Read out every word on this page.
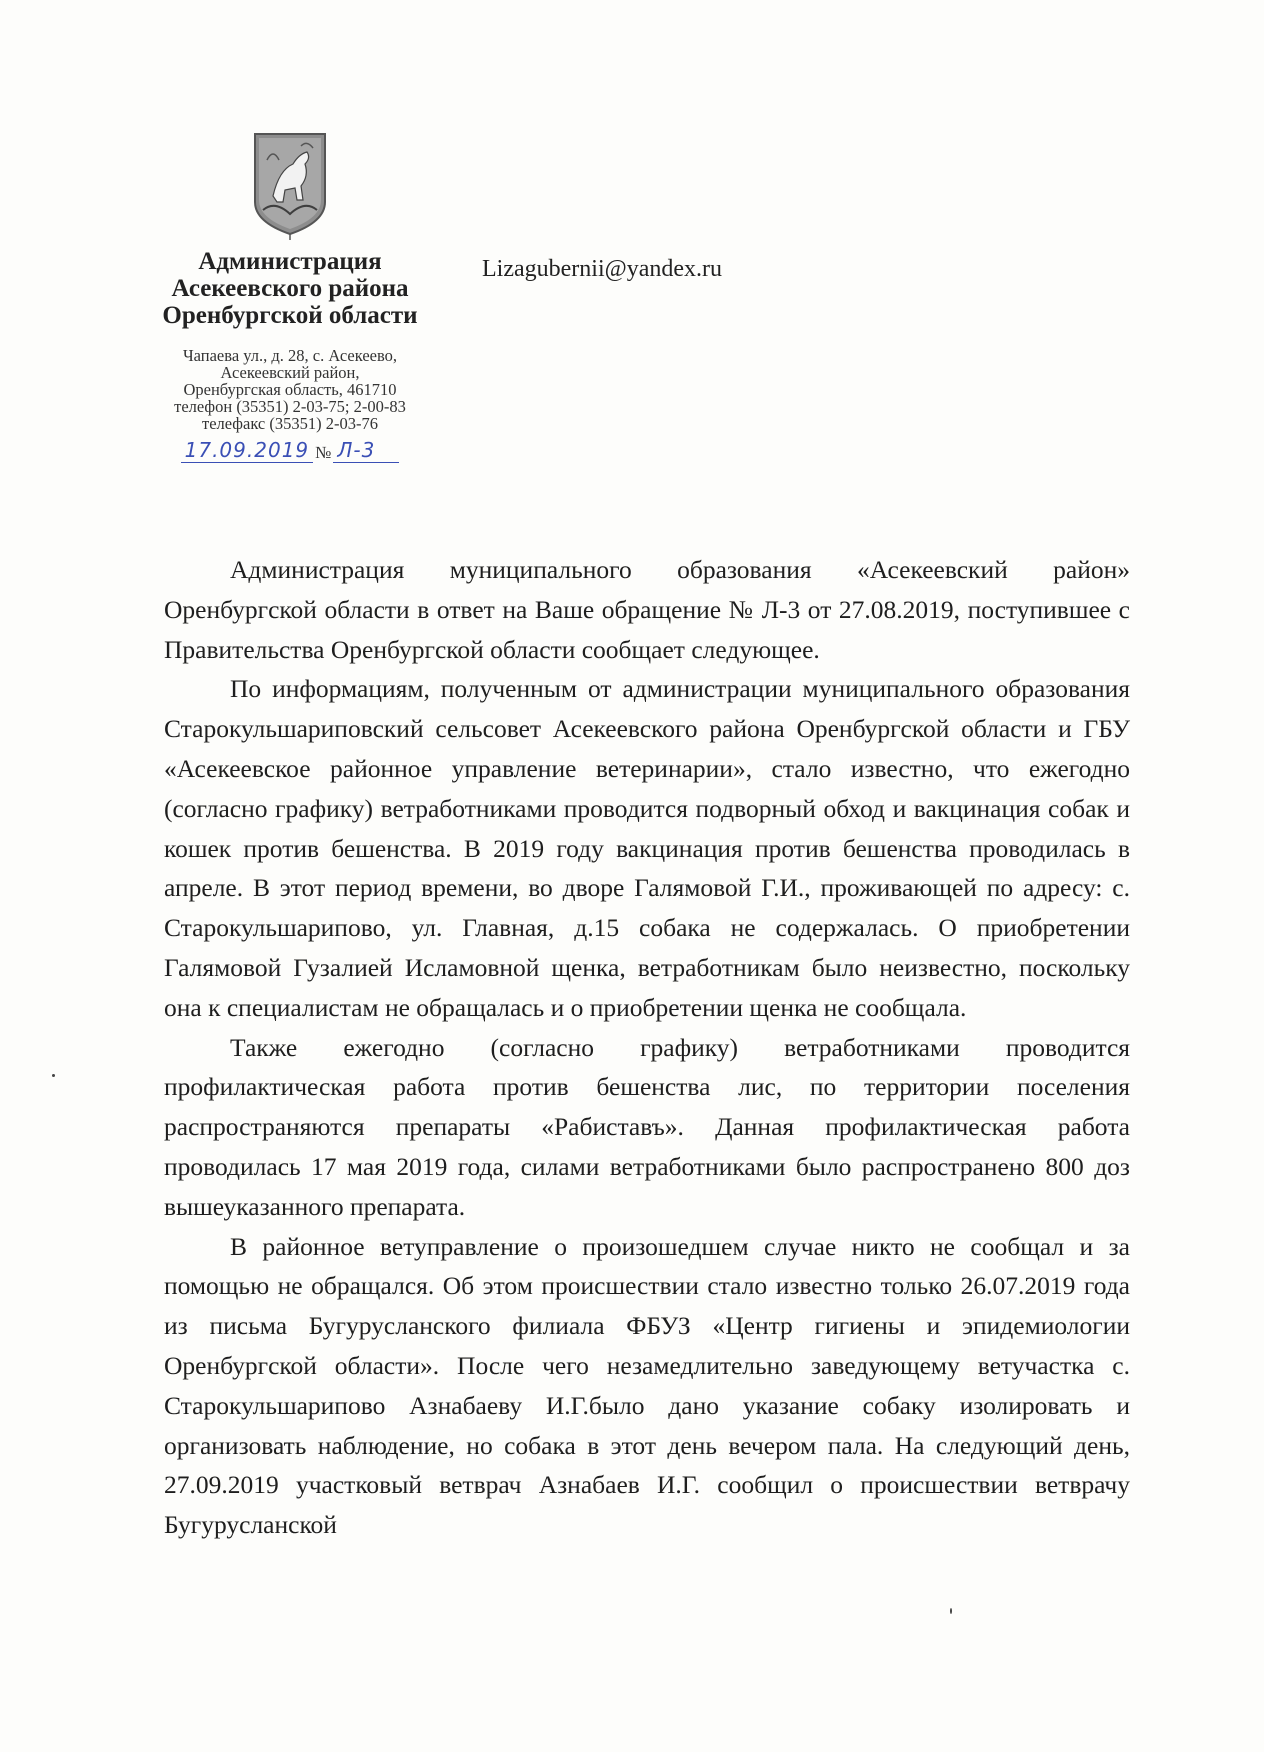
Администрация
Асекеевского района
Оренбургской области
Чапаева ул., д. 28, с. Асекеево,
Асекеевский район,
Оренбургская область, 461710
телефон (35351) 2-03-75; 2-00-83
телефакс (35351) 2-03-76
17.09.2019 № Л-3
Lizagubernii@yandex.ru

Администрация муниципального образования «Асекеевский район» Оренбургской области в ответ на Ваше обращение № Л-3 от 27.08.2019, поступившее с Правительства Оренбургской области сообщает следующее.

По информациям, полученным от администрации муниципального образования Старокульшариповский сельсовет Асекеевского района Оренбургской области и ГБУ «Асекеевское районное управление ветеринарии», стало известно, что ежегодно (согласно графику) ветработниками проводится подворный обход и вакцинация собак и кошек против бешенства. В 2019 году вакцинация против бешенства проводилась в апреле. В этот период времени, во дворе Галямовой Г.И., проживающей по адресу: с. Старокульшарипово, ул. Главная, д.15 собака не содержалась. О приобретении Галямовой Гузалией Исламовной щенка, ветработникам было неизвестно, поскольку она к специалистам не обращалась и о приобретении щенка не сообщала.

Также ежегодно (согласно графику) ветработниками проводится профилактическая работа против бешенства лис, по территории поселения распространяются препараты «Рабиставъ». Данная профилактическая работа проводилась 17 мая 2019 года, силами ветработниками было распространено 800 доз вышеуказанного препарата.

В районное ветуправление о произошедшем случае никто не сообщал и за помощью не обращался. Об этом происшествии стало известно только 26.07.2019 года из письма Бугурусланского филиала ФБУЗ «Центр гигиены и эпидемиологии Оренбургской области». После чего незамедлительно заведующему ветучастка с. Старокульшарипово Азнабаеву И.Г.было дано указание собаку изолировать и организовать наблюдение, но собака в этот день вечером пала. На следующий день, 27.09.2019 участковый ветврач Азнабаев И.Г. сообщил о происшествии ветврачу Бугурусланской
